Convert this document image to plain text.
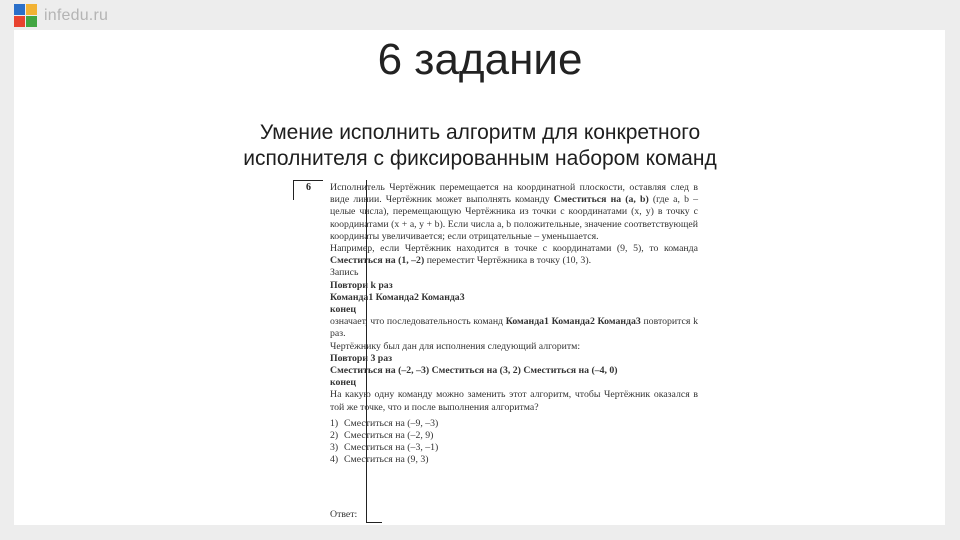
infedu.ru
6 задание
Умение исполнить алгоритм для конкретного
исполнителя с фиксированным набором команд
6	Исполнитель Чертёжник перемещается на координатной плоскости, оставляя след в виде линии. Чертёжник может выполнять команду Сместиться на (a, b) (где a, b – целые числа), перемещающую Чертёжника из точки с координатами (x, y) в точку с координатами (x + a, y + b). Если числа a, b положительные, значение соответствующей координаты увеличивается; если отрицательные – уменьшается.
Например, если Чертёжник находится в точке с координатами (9, 5), то команда Сместиться на (1, –2) переместит Чертёжника в точку (10, 3).
Запись
Повтори k раз
Команда1 Команда2 Команда3
конец
означает, что последовательность команд Команда1 Команда2 Команда3 повторится k раз.
Чертёжнику был дан для исполнения следующий алгоритм:
Повтори 3 раз
Сместиться на (–2, –3) Сместиться на (3, 2) Сместиться на (–4, 0)
конец
На какую одну команду можно заменить этот алгоритм, чтобы Чертёжник оказался в той же точке, что и после выполнения алгоритма?
1) Сместиться на (–9, –3)
2) Сместиться на (–2, 9)
3) Сместиться на (–3, –1)
4) Сместиться на (9, 3)
Ответ:
